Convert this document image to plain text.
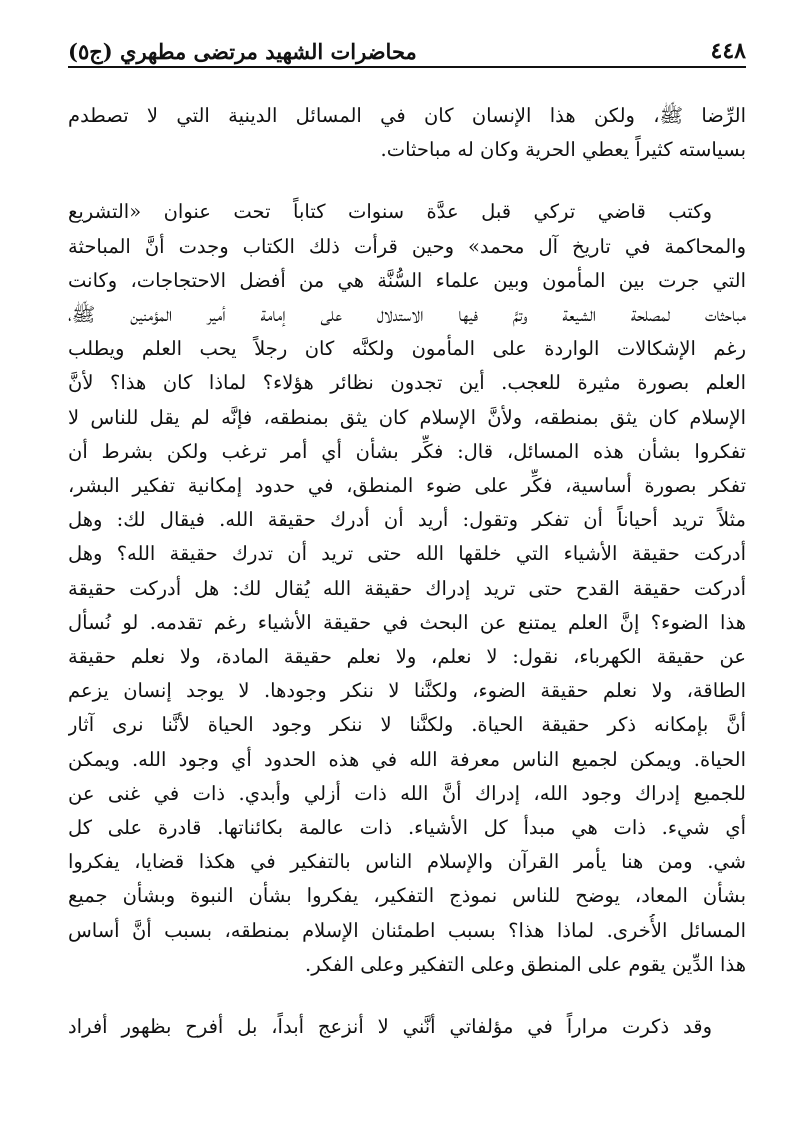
٤٤٨
محاضرات الشهيد مرتضى مطهري (ج٥)
الرِّضا ﷺ، ولكن هذا الإنسان كان في المسائل الدينية التي لا تصطدم
بسياسته كثيراً يعطي الحرية وكان له مباحثات.
وكتب قاضي تركي قبل عدَّة سنوات كتاباً تحت عنوان «التشريع
والمحاكمة في تاريخ آل محمد» وحين قرأت ذلك الكتاب وجدت أنَّ المباحثة
التي جرت بين المأمون وبين علماء السُّنَّة هي من أفضل الاحتجاجات، وكانت
مباحثات لمصلحة الشيعة وتمَّ فيها الاستدلال على إمامة أمير المؤمنين ﷺ،
رغم الإشكالات الواردة على المأمون ولكنَّه كان رجلاً يحب العلم ويطلب
العلم بصورة مثيرة للعجب. أين تجدون نظائر هؤلاء؟ لماذا كان هذا؟ لأنَّ
الإسلام كان يثق بمنطقه، ولأنَّ الإسلام كان يثق بمنطقه، فإنَّه لم يقل للناس لا
تفكروا بشأن هذه المسائل، قال: فكِّر بشأن أي أمر ترغب ولكن بشرط أن
تفكر بصورة أساسية، فكِّر على ضوء المنطق، في حدود إمكانية تفكير البشر،
مثلاً تريد أحياناً أن تفكر وتقول: أريد أن أدرك حقيقة الله. فيقال لك: وهل
أدركت حقيقة الأشياء التي خلقها الله حتى تريد أن تدرك حقيقة الله؟ وهل
أدركت حقيقة القدح حتى تريد إدراك حقيقة الله يُقال لك: هل أدركت حقيقة
هذا الضوء؟ إنَّ العلم يمتنع عن البحث في حقيقة الأشياء رغم تقدمه. لو نُسأل
عن حقيقة الكهرباء، نقول: لا نعلم، ولا نعلم حقيقة المادة، ولا نعلم حقيقة
الطاقة، ولا نعلم حقيقة الضوء، ولكنَّنا لا ننكر وجودها. لا يوجد إنسان يزعم
أنَّ بإمكانه ذكر حقيقة الحياة. ولكنَّنا لا ننكر وجود الحياة لأنَّنا نرى آثار
الحياة. ويمكن لجميع الناس معرفة الله في هذه الحدود أي وجود الله. ويمكن
للجميع إدراك وجود الله، إدراك أنَّ الله ذات أزلي وأبدي. ذات في غنى عن
أي شيء. ذات هي مبدأ كل الأشياء. ذات عالمة بكائناتها. قادرة على كل
شي. ومن هنا يأمر القرآن والإسلام الناس بالتفكير في هكذا قضايا، يفكروا
بشأن المعاد، يوضح للناس نموذج التفكير، يفكروا بشأن النبوة وبشأن جميع
المسائل الأُخرى. لماذا هذا؟ بسبب اطمئنان الإسلام بمنطقه، بسبب أنَّ أساس
هذا الدِّين يقوم على المنطق وعلى التفكير وعلى الفكر.
وقد ذكرت مراراً في مؤلفاتي أنَّني لا أنزعج أبداً، بل أفرح بظهور أفراد
